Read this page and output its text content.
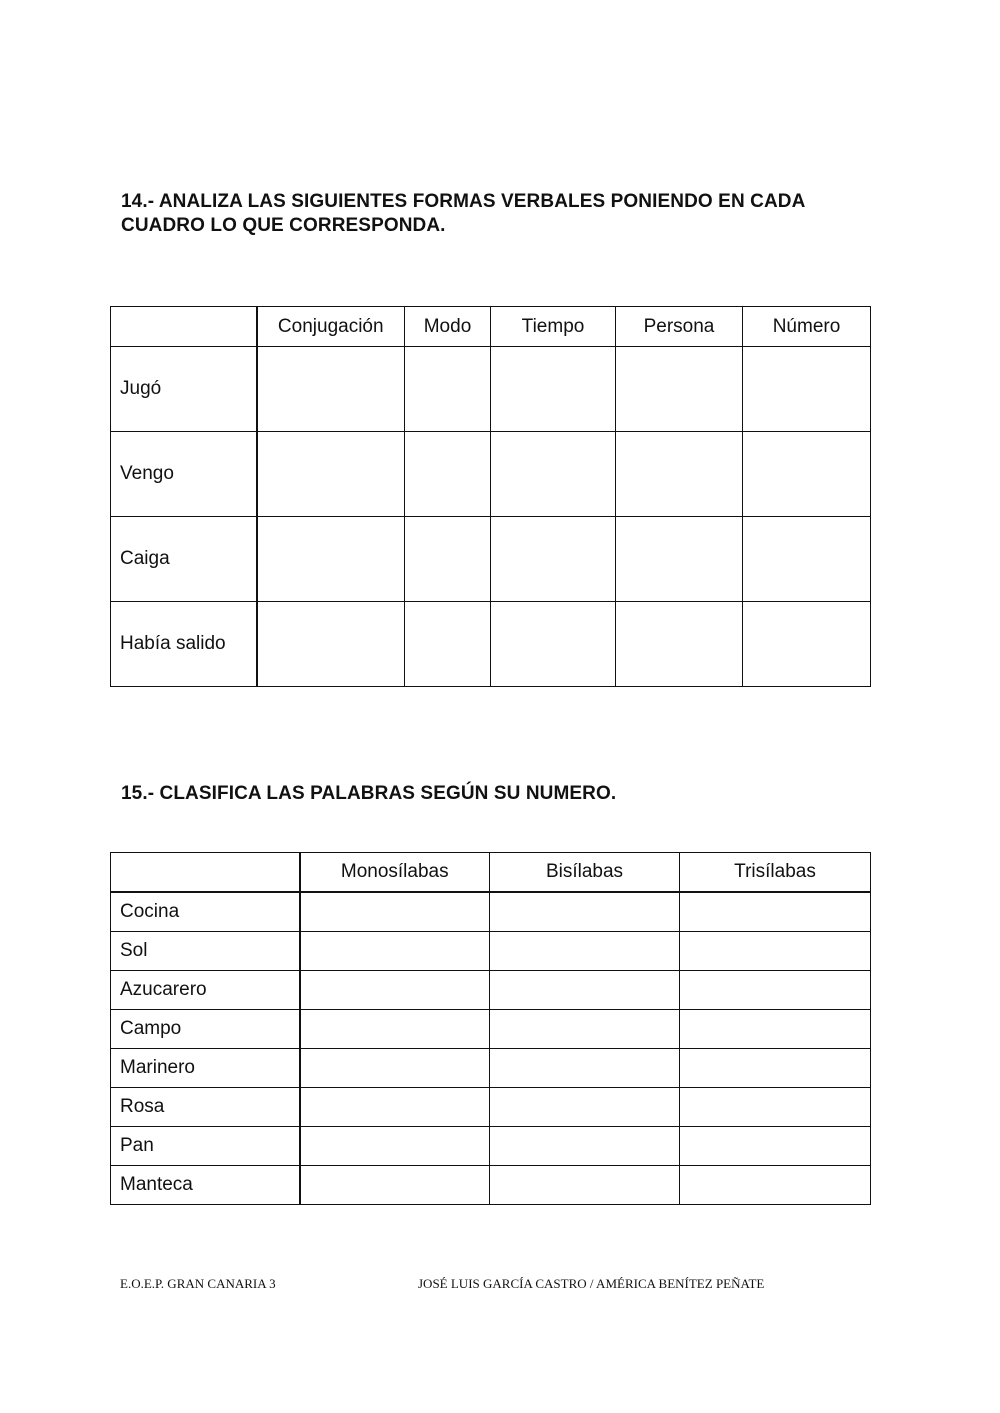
14.- ANALIZA LAS SIGUIENTES FORMAS VERBALES PONIENDO EN CADA CUADRO LO QUE CORRESPONDA.
	Conjugación	Modo	Tiempo	Persona	Número
Jugó					
Vengo					
Caiga					
Había salido					
15.- CLASIFICA LAS PALABRAS SEGÚN SU NUMERO.
	Monosílabas	Bisílabas	Trisílabas
Cocina			
Sol			
Azucarero			
Campo			
Marinero			
Rosa			
Pan			
Manteca			
E.O.E.P. GRAN CANARIA 3	JOSÉ LUIS GARCÍA CASTRO / AMÉRICA BENÍTEZ PEÑATE
